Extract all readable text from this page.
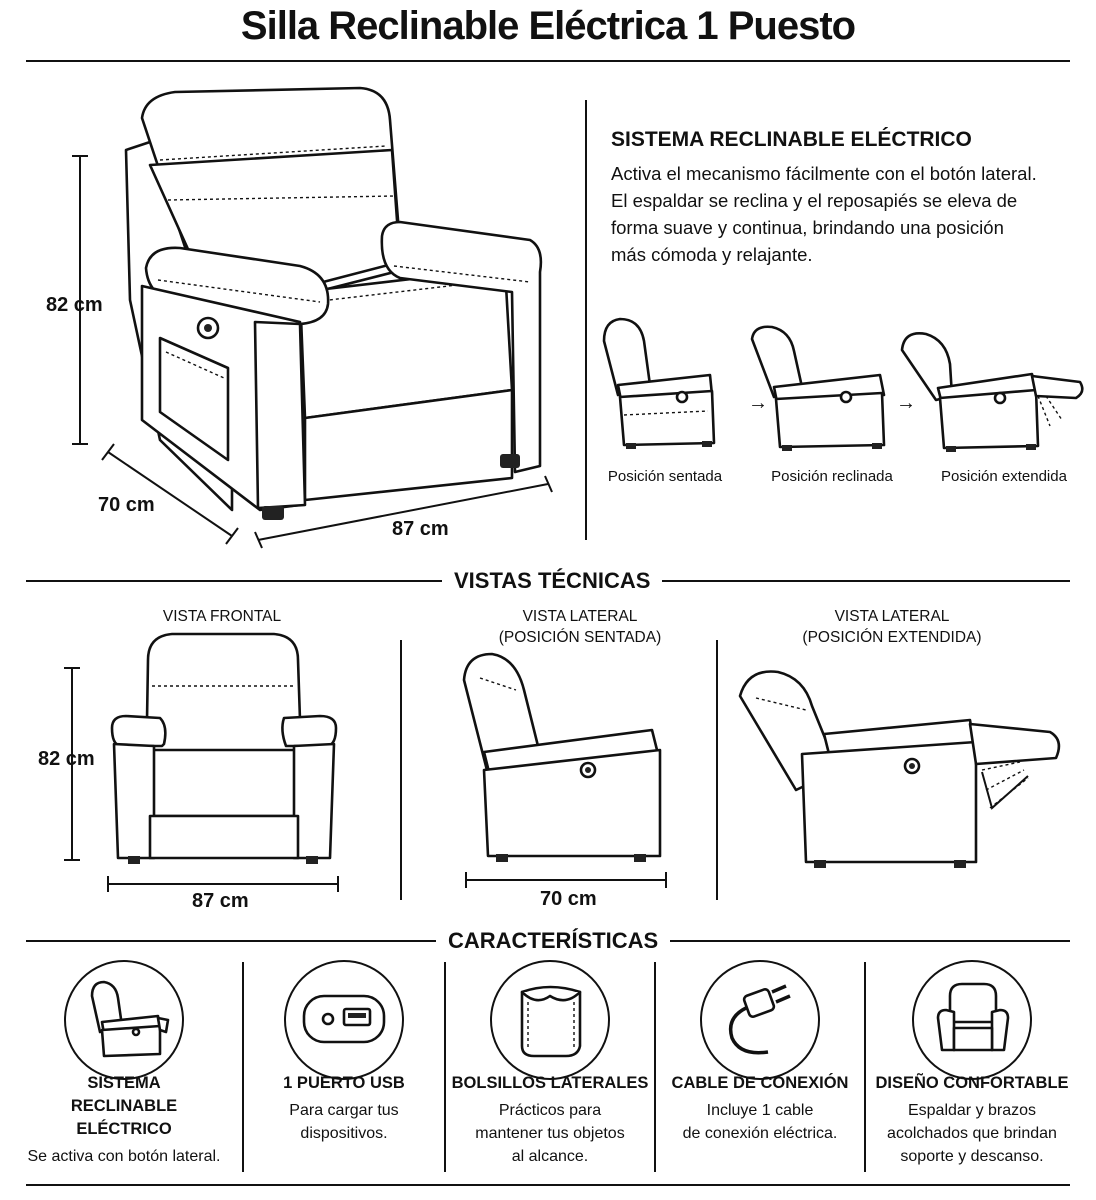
Silla Reclinable Eléctrica 1 Puesto
82 cm
70 cm
87 cm
SISTEMA RECLINABLE ELÉCTRICO
Activa el mecanismo fácilmente con el botón lateral.
El espaldar se reclina y el reposapiés se eleva de
forma suave y continua, brindando una posición
más cómoda y relajante.
→	→
Posición sentada	Posición reclinada	Posición extendida
VISTAS TÉCNICAS
VISTA FRONTAL	VISTA LATERAL
(POSICIÓN SENTADA)
VISTA LATERAL
(POSICIÓN EXTENDIDA)
82 cm
87 cm	70 cm
CARACTERÍSTICAS
SISTEMA
RECLINABLE ELÉCTRICO
Se activa con botón lateral.
1 PUERTO USB
Para cargar tus
dispositivos.
BOLSILLOS LATERALES
Prácticos para
mantener tus objetos
al alcance.
CABLE DE CONEXIÓN
Incluye 1 cable
de conexión eléctrica.
DISEÑO CONFORTABLE
Espaldar y brazos
acolchados que brindan
soporte y descanso.
